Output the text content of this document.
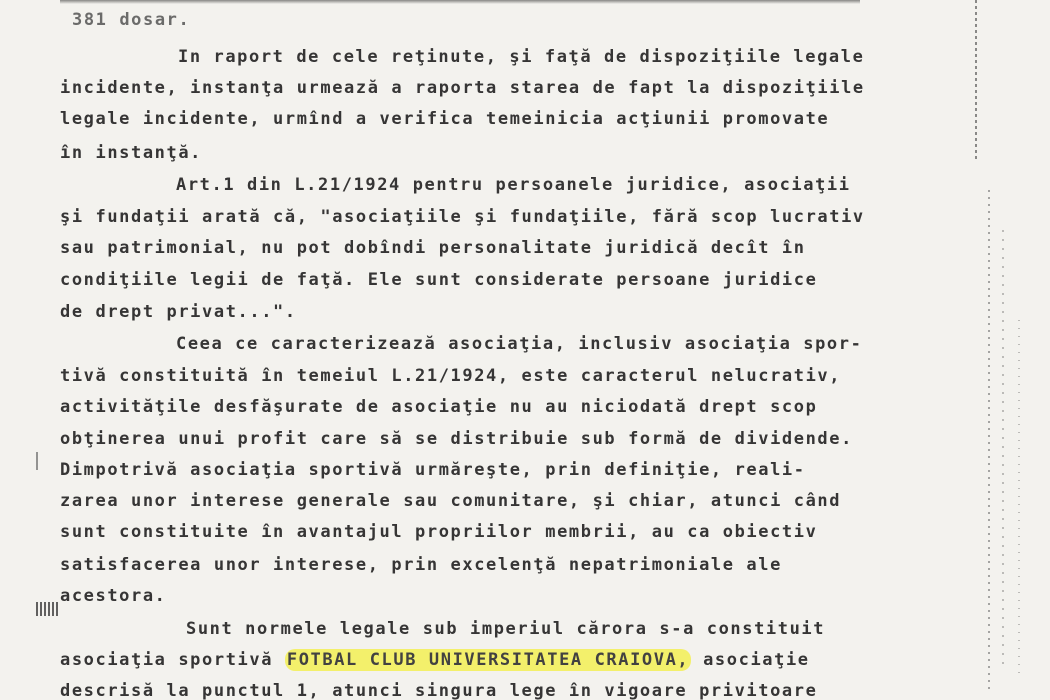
381 dosar.
In raport de cele reţinute, şi faţă de dispoziţiile legale
incidente, instanţa urmează a raporta starea de fapt la dispoziţiile
legale incidente, urmînd a verifica temeinicia acţiunii promovate
în instanţă.
Art.1 din L.21/1924 pentru persoanele juridice, asociaţii
şi fundaţii arată că, "asociaţiile şi fundaţiile, fără scop lucrativ
sau patrimonial, nu pot dobîndi personalitate juridică decît în
condiţiile legii de faţă. Ele sunt considerate persoane juridice
de drept privat...".
Ceea ce caracterizează asociaţia, inclusiv asociaţia spor-
tivă constituită în temeiul L.21/1924, este caracterul nelucrativ,
activităţile desfăşurate de asociaţie nu au niciodată drept scop
obţinerea unui profit care să se distribuie sub formă de dividende.
Dimpotrivă asociaţia sportivă urmăreşte, prin definiţie, reali-
zarea unor interese generale sau comunitare, şi chiar, atunci când
sunt constituite în avantajul propriilor membrii, au ca obiectiv
satisfacerea unor interese, prin excelenţă nepatrimoniale ale
acestora.
Sunt normele legale sub imperiul cărora s-a constituit
asociaţia sportivă FOTBAL CLUB UNIVERSITATEA CRAIOVA, asociaţie
descrisă la punctul 1, atunci singura lege în vigoare privitoare
